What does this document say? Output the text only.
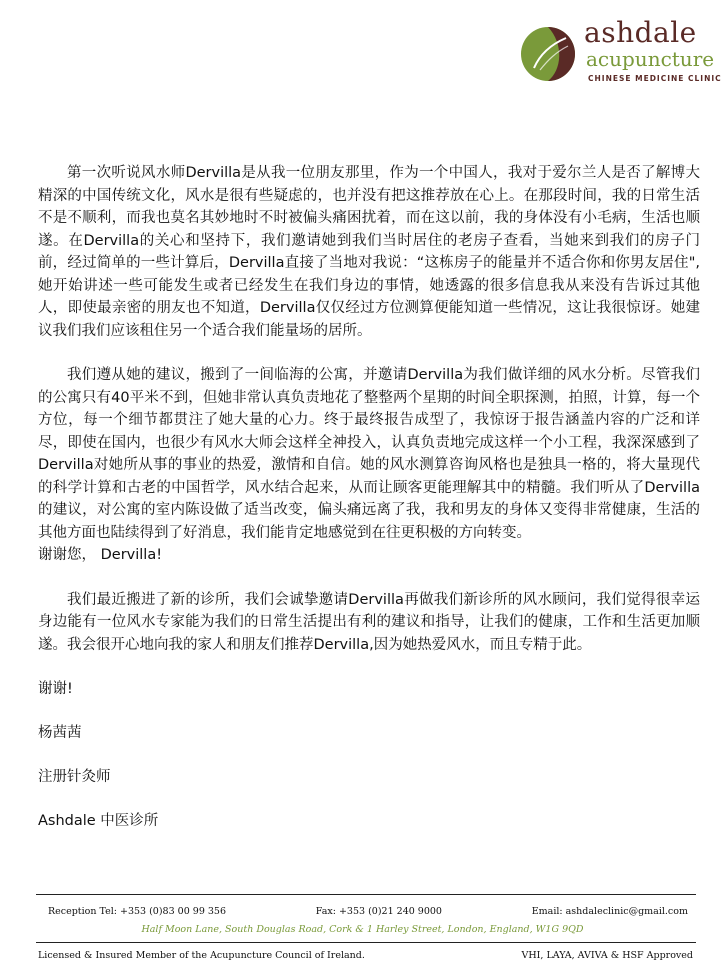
ashdale
acupuncture
CHINESE MEDICINE CLINIC

第一次听说风水师Dervilla是从我一位朋友那里，作为一个中国人，我对于爱尔兰人是否了解博大精深的中国传统文化，风水是很有些疑虑的，也并没有把这推荐放在心上。在那段时间，我的日常生活不是不顺利，而我也莫名其妙地时不时被偏头痛困扰着，而在这以前，我的身体没有小毛病，生活也顺遂。在Dervilla的关心和坚持下，我们邀请她到我们当时居住的老房子查看，当她来到我们的房子门前，经过简单的一些计算后，Dervilla直接了当地对我说：“这栋房子的能量并不适合你和你男友居住", 她开始讲述一些可能发生或者已经发生在我们身边的事情，她透露的很多信息我从来没有告诉过其他人，即使最亲密的朋友也不知道，Dervilla仅仅经过方位测算便能知道一些情况，这让我很惊讶。她建议我们我们应该租住另一个适合我们能量场的居所。

我们遵从她的建议，搬到了一间临海的公寓，并邀请Dervilla为我们做详细的风水分析。尽管我们的公寓只有40平米不到，但她非常认真负责地花了整整两个星期的时间全职探测，拍照，计算，每一个方位，每一个细节都贯注了她大量的心力。终于最终报告成型了，我惊讶于报告涵盖内容的广泛和详尽，即使在国内，也很少有风水大师会这样全神投入，认真负责地完成这样一个小工程，我深深感到了Dervilla对她所从事的事业的热爱，激情和自信。她的风水测算咨询风格也是独具一格的，将大量现代的科学计算和古老的中国哲学，风水结合起来，从而让顾客更能理解其中的精髓。我们听从了Dervilla的建议，对公寓的室内陈设做了适当改变，偏头痛远离了我，我和男友的身体又变得非常健康，生活的其他方面也陆续得到了好消息，我们能肯定地感觉到在往更积极的方向转变。

谢谢您， Dervilla!

我们最近搬进了新的诊所，我们会诚挚邀请Dervilla再做我们新诊所的风水顾问，我们觉得很幸运身边能有一位风水专家能为我们的日常生活提出有利的建议和指导，让我们的健康，工作和生活更加顺遂。我会很开心地向我的家人和朋友们推荐Dervilla,因为她热爱风水，而且专精于此。

谢谢!
杨茜茜
注册针灸师
Ashdale 中医诊所
Reception Tel: +353 (0)83 00 99 356	Fax: +353 (0)21 240 9000	Email: ashdaleclinic@gmail.com
Half Moon Lane, South Douglas Road, Cork & 1 Harley Street, London, England, W1G 9QD
Licensed & Insured Member of the Acupuncture Council of Ireland.	VHI, LAYA, AVIVA & HSF Approved
